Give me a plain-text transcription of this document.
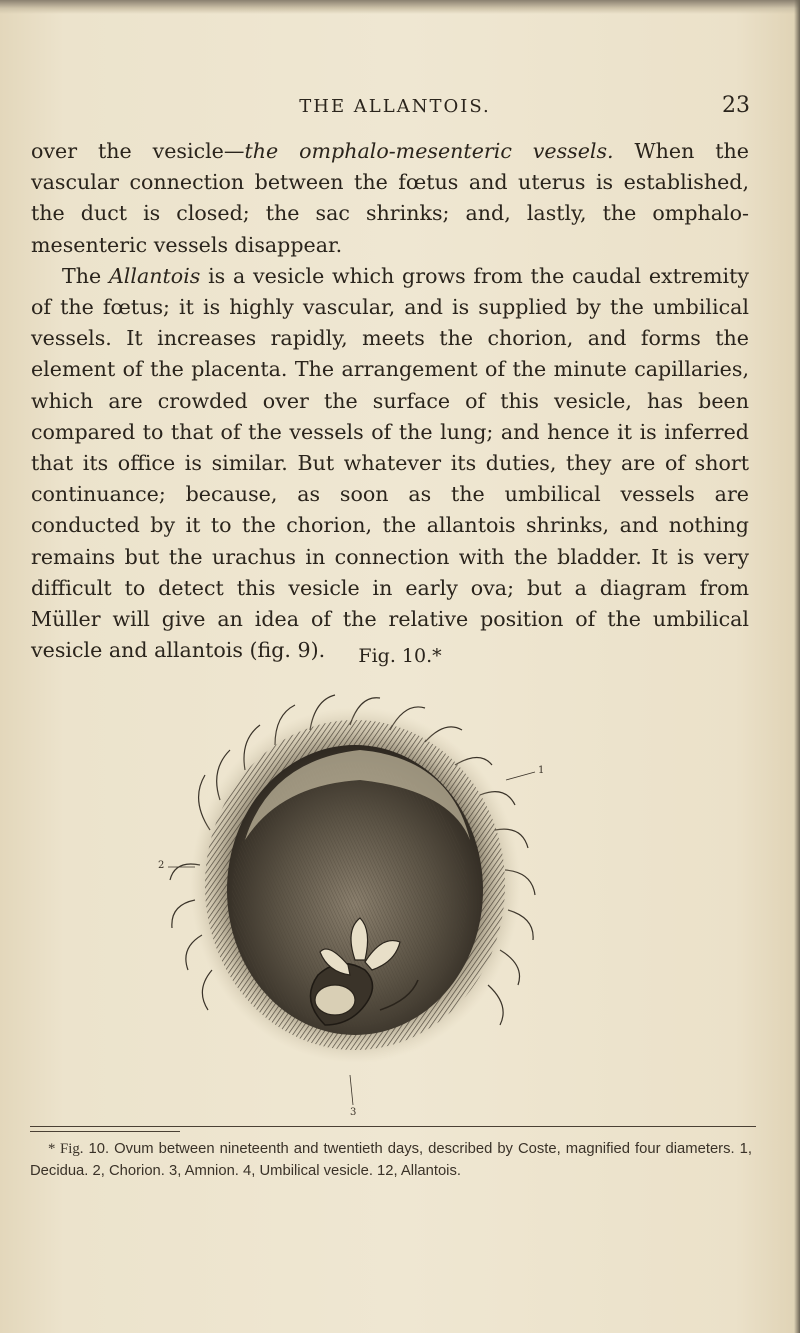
THE ALLANTOIS.	23

over the vesicle—the omphalo-mesenteric vessels. When the vascular connection between the fœtus and uterus is established, the duct is closed; the sac shrinks; and, lastly, the omphalo-mesenteric vessels disappear.

The Allantois is a vesicle which grows from the caudal extremity of the fœtus; it is highly vascular, and is supplied by the umbilical vessels. It increases rapidly, meets the chorion, and forms the element of the placenta. The arrangement of the minute capillaries, which are crowded over the surface of this vesicle, has been compared to that of the vessels of the lung; and hence it is inferred that its office is similar. But whatever its duties, they are of short continuance; because, as soon as the umbilical vessels are conducted by it to the chorion, the allantois shrinks, and nothing remains but the urachus in connection with the bladder. It is very difficult to detect this vesicle in early ova; but a diagram from Müller will give an idea of the relative position of the umbilical vesicle and allantois (fig. 9).	Fig. 10.*
1
2
3
* Fig. 10. Ovum between nineteenth and twentieth days, described by Coste, magnified four diameters. 1, Decidua. 2, Chorion. 3, Amnion. 4, Umbilical vesicle. 12, Allantois.
